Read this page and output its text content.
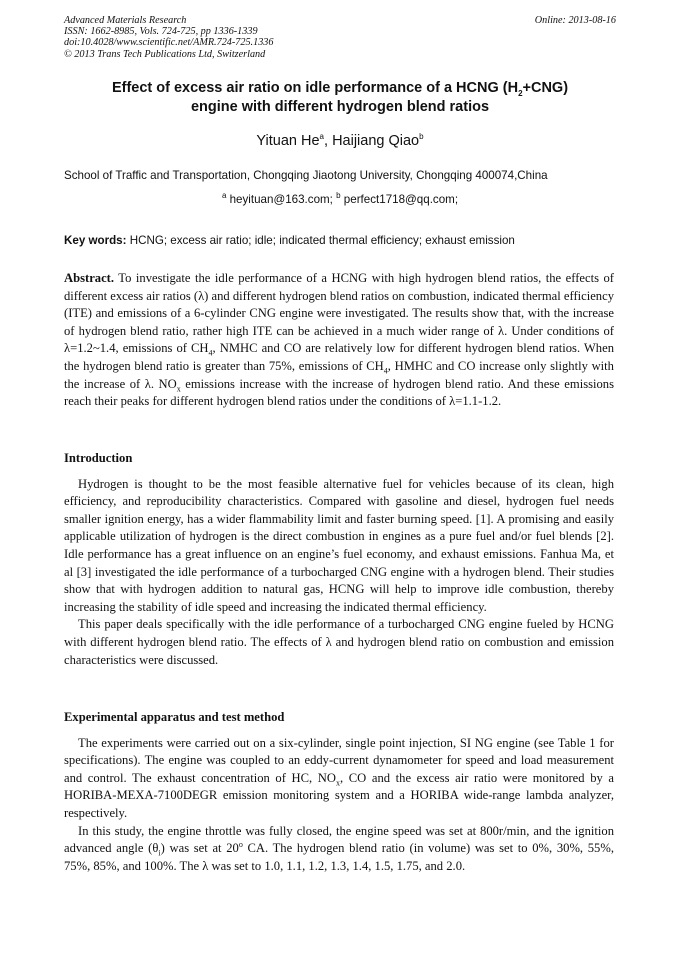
Advanced Materials Research
ISSN: 1662-8985, Vols. 724-725, pp 1336-1339
doi:10.4028/www.scientific.net/AMR.724-725.1336
© 2013 Trans Tech Publications Ltd, Switzerland
Online: 2013-08-16
Effect of excess air ratio on idle performance of a HCNG $(H_2+CNG)$
engine with different hydrogen blend ratios
Yituan He$^a$, Haijiang Qiao$^b$
School of Traffic and Transportation, Chongqing Jiaotong University, Chongqing 400074,China
$^a$ heyituan@163.com; $^b$ perfect1718@qq.com;
Key words: HCNG; excess air ratio; idle; indicated thermal efficiency; exhaust emission

Abstract. To investigate the idle performance of a HCNG with high hydrogen blend ratios, the effects of different excess air ratios (λ) and different hydrogen blend ratios on combustion, indicated thermal efficiency (ITE) and emissions of a 6-cylinder CNG engine were investigated. The results show that, with the increase of hydrogen blend ratio, rather high ITE can be achieved in a much wider range of λ. Under conditions of λ=1.2~1.4, emissions of $CH_4$, NMHC and CO are relatively low for different hydrogen blend ratios. When the hydrogen blend ratio is greater than 75%, emissions of $CH_4$, HMHC and CO increase only slightly with the increase of λ. $NO_x$ emissions increase with the increase of hydrogen blend ratio. And these emissions reach their peaks for different hydrogen blend ratios under the conditions of λ=1.1-1.2.

Introduction

Hydrogen is thought to be the most feasible alternative fuel for vehicles because of its clean, high efficiency, and reproducibility characteristics. Compared with gasoline and diesel, hydrogen fuel needs smaller ignition energy, has a wider flammability limit and faster burning speed. [1]. A promising and easily applicable utilization of hydrogen is the direct combustion in engines as a pure fuel and/or fuel blends [2]. Idle performance has a great influence on an engine’s fuel economy, and exhaust emissions. Fanhua Ma, et al [3] investigated the idle performance of a turbocharged CNG engine with a hydrogen blend. Their studies show that with hydrogen addition to natural gas, HCNG will help to improve idle combustion, thereby increasing the stability of idle speed and increasing the indicated thermal efficiency.

This paper deals specifically with the idle performance of a turbocharged CNG engine fueled by HCNG with different hydrogen blend ratio. The effects of λ and hydrogen blend ratio on combustion and emission characteristics were discussed.

Experimental apparatus and test method

The experiments were carried out on a six-cylinder, single point injection, SI NG engine (see Table 1 for specifications). The engine was coupled to an eddy-current dynamometer for speed and load measurement and control. The exhaust concentration of HC, $NO_x$, CO and the excess air ratio were monitored by a HORIBA-MEXA-7100DEGR emission monitoring system and a HORIBA wide-range lambda analyzer, respectively.

In this study, the engine throttle was fully closed, the engine speed was set at 800r/min, and the ignition advanced angle $(\theta_i)$ was set at 20$^o$ CA. The hydrogen blend ratio (in volume) was set to 0%, 30%, 55%, 75%, 85%, and 100%. The λ was set to 1.0, 1.1, 1.2, 1.3, 1.4, 1.5, 1.75, and 2.0.
